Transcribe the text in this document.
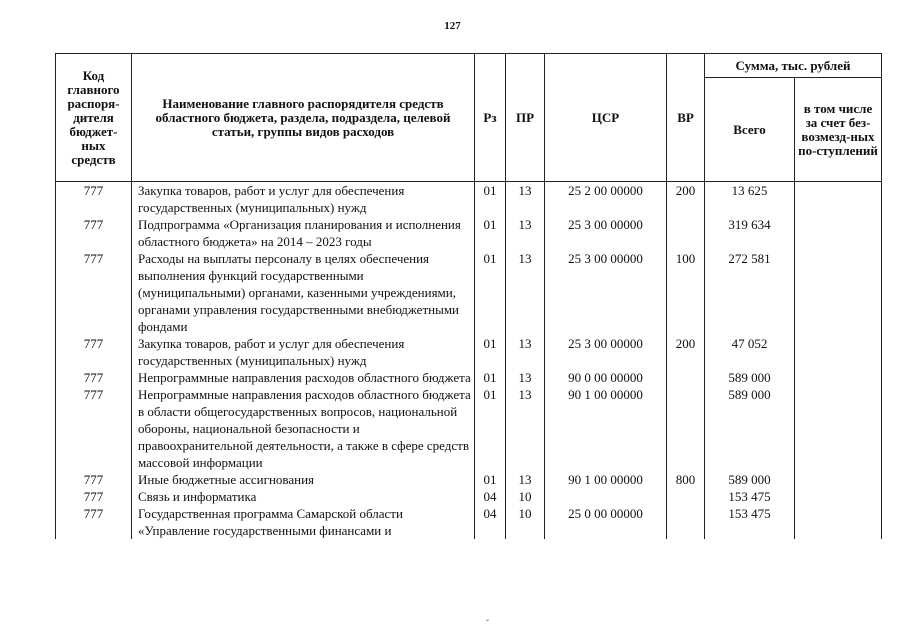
127
Код главного распоря-дителя бюджет-ных средств	Наименование главного распорядителя средств областного бюджета, раздела, подраздела, целевой статьи, группы видов расходов	Рз	ПР	ЦСР	ВР	Сумма, тыс. рублей	
						Всего	в том числе за счет без-возмезд-ных по-ступлений
777	Закупка товаров, работ и услуг для обеспечения государственных (муниципальных) нужд	01	13	25 2 00 00000	200	13 625	
777	Подпрограмма «Организация планирования и исполнения областного бюджета» на 2014 – 2023 годы	01	13	25 3 00 00000		319 634	
777	Расходы на выплаты персоналу в целях обеспечения выполнения функций государственными (муниципальными) органами, казенными учреждениями, органами управления государственными внебюджетными фондами	01	13	25 3 00 00000	100	272 581	
777	Закупка товаров, работ и услуг для обеспечения государственных (муниципальных) нужд	01	13	25 3 00 00000	200	47 052	
777	Непрограммные направления расходов областного бюджета	01	13	90 0 00 00000		589 000	
777	Непрограммные направления расходов областного бюджета в области общегосударственных вопросов, национальной обороны, национальной безопасности и правоохранительной деятельности, а также в сфере средств массовой информации	01	13	90 1 00 00000		589 000	
777	Иные бюджетные ассигнования	01	13	90 1 00 00000	800	589 000	
777	Связь и информатика	04	10			153 475	
777	Государственная программа Самарской области «Управление государственными финансами и	04	10	25 0 00 00000		153 475	
ˇ
